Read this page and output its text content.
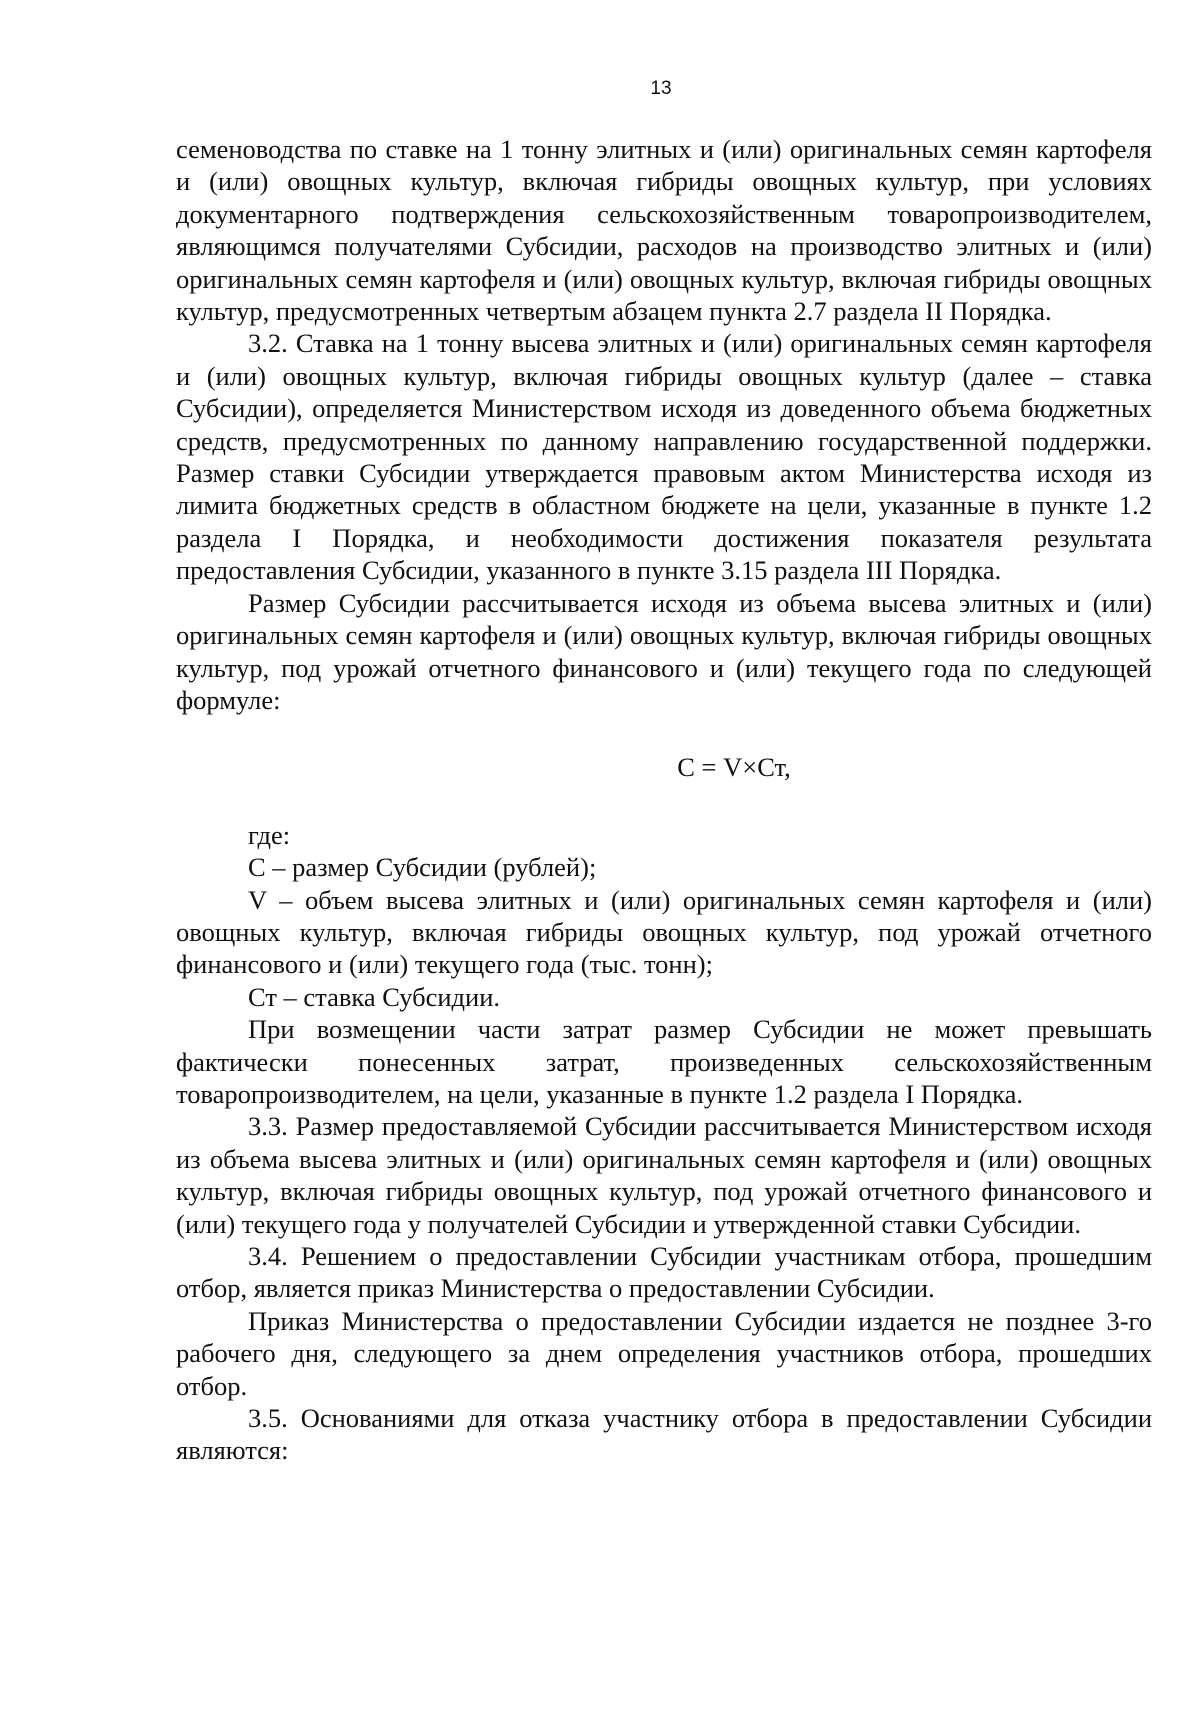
13

семеноводства по ставке на 1 тонну элитных и (или) оригинальных семян картофеля и (или) овощных культур, включая гибриды овощных культур, при условиях документарного подтверждения сельскохозяйственным товаропроизводителем, являющимся получателями Субсидии, расходов на производство элитных и (или) оригинальных семян картофеля и (или) овощных культур, включая гибриды овощных культур, предусмотренных четвертым абзацем пункта 2.7 раздела II Порядка.

3.2. Ставка на 1 тонну высева элитных и (или) оригинальных семян картофеля и (или) овощных культур, включая гибриды овощных культур (далее – ставка Субсидии), определяется Министерством исходя из доведенного объема бюджетных средств, предусмотренных по данному направлению государственной поддержки. Размер ставки Субсидии утверждается правовым актом Министерства исходя из лимита бюджетных средств в областном бюджете на цели, указанные в пункте 1.2 раздела I Порядка, и необходимости достижения показателя результата предоставления Субсидии, указанного в пункте 3.15 раздела III Порядка.

Размер Субсидии рассчитывается исходя из объема высева элитных и (или) оригинальных семян картофеля и (или) овощных культур, включая гибриды овощных культур, под урожай отчетного финансового и (или) текущего года по следующей формуле:

С = V×Ст,

где:

С – размер Субсидии (рублей);

V – объем высева элитных и (или) оригинальных семян картофеля и (или) овощных культур, включая гибриды овощных культур, под урожай отчетного финансового и (или) текущего года (тыс. тонн);

Ст – ставка Субсидии.

При возмещении части затрат размер Субсидии не может превышать фактически понесенных затрат, произведенных сельскохозяйственным товаропроизводителем, на цели, указанные в пункте 1.2 раздела I Порядка.

3.3. Размер предоставляемой Субсидии рассчитывается Министерством исходя из объема высева элитных и (или) оригинальных семян картофеля и (или) овощных культур, включая гибриды овощных культур, под урожай отчетного финансового и (или) текущего года у получателей Субсидии и утвержденной ставки Субсидии.

3.4. Решением о предоставлении Субсидии участникам отбора, прошедшим отбор, является приказ Министерства о предоставлении Субсидии.

Приказ Министерства о предоставлении Субсидии издается не позднее 3-го рабочего дня, следующего за днем определения участников отбора, прошедших отбор.

3.5. Основаниями для отказа участнику отбора в предоставлении Субсидии являются:
